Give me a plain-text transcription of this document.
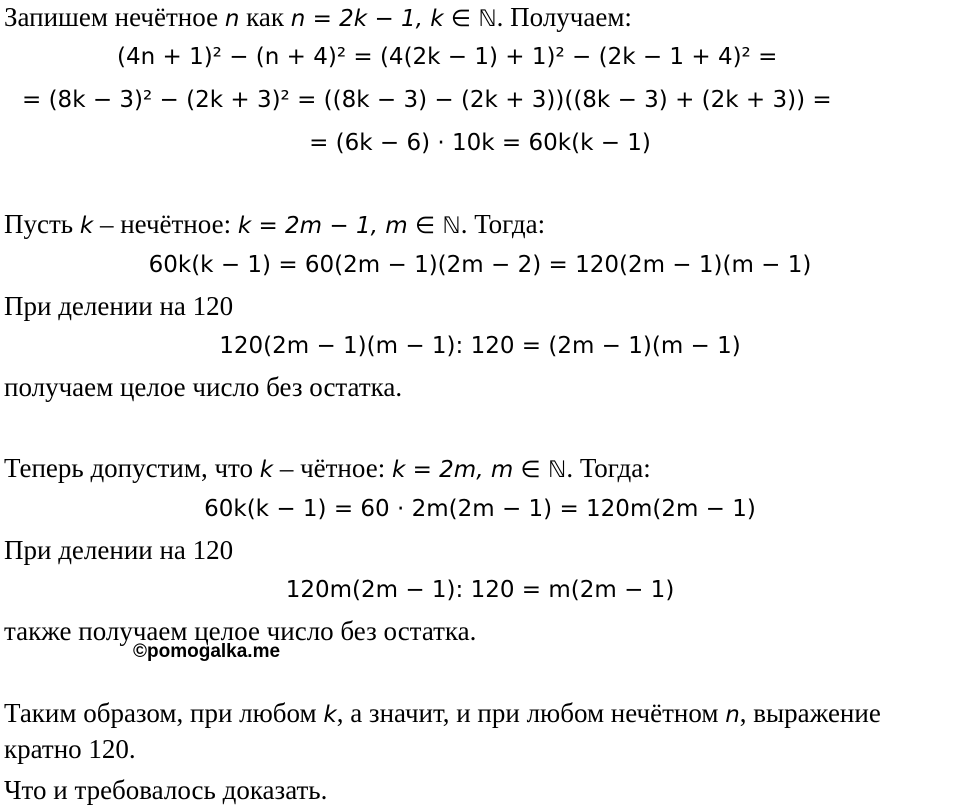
Запишем нечётное n как n = 2k − 1, k ∈ ℕ. Получаем:
(4n + 1)² − (n + 4)² = (4(2k − 1) + 1)² − (2k − 1 + 4)² =
= (8k − 3)² − (2k + 3)² = ((8k − 3) − (2k + 3))((8k − 3) + (2k + 3)) =
= (6k − 6) · 10k = 60k(k − 1)
Пусть k – нечётное: k = 2m − 1, m ∈ ℕ. Тогда:
60k(k − 1) = 60(2m − 1)(2m − 2) = 120(2m − 1)(m − 1)
При делении на 120
120(2m − 1)(m − 1): 120 = (2m − 1)(m − 1)
получаем целое число без остатка.
Теперь допустим, что k – чётное: k = 2m, m ∈ ℕ. Тогда:
60k(k − 1) = 60 · 2m(2m − 1) = 120m(2m − 1)
При делении на 120
120m(2m − 1): 120 = m(2m − 1)
также получаем целое число без остатка.
©pomogalka.me
Таким образом, при любом k, а значит, и при любом нечётном n, выражение
кратно 120.
Что и требовалось доказать.
